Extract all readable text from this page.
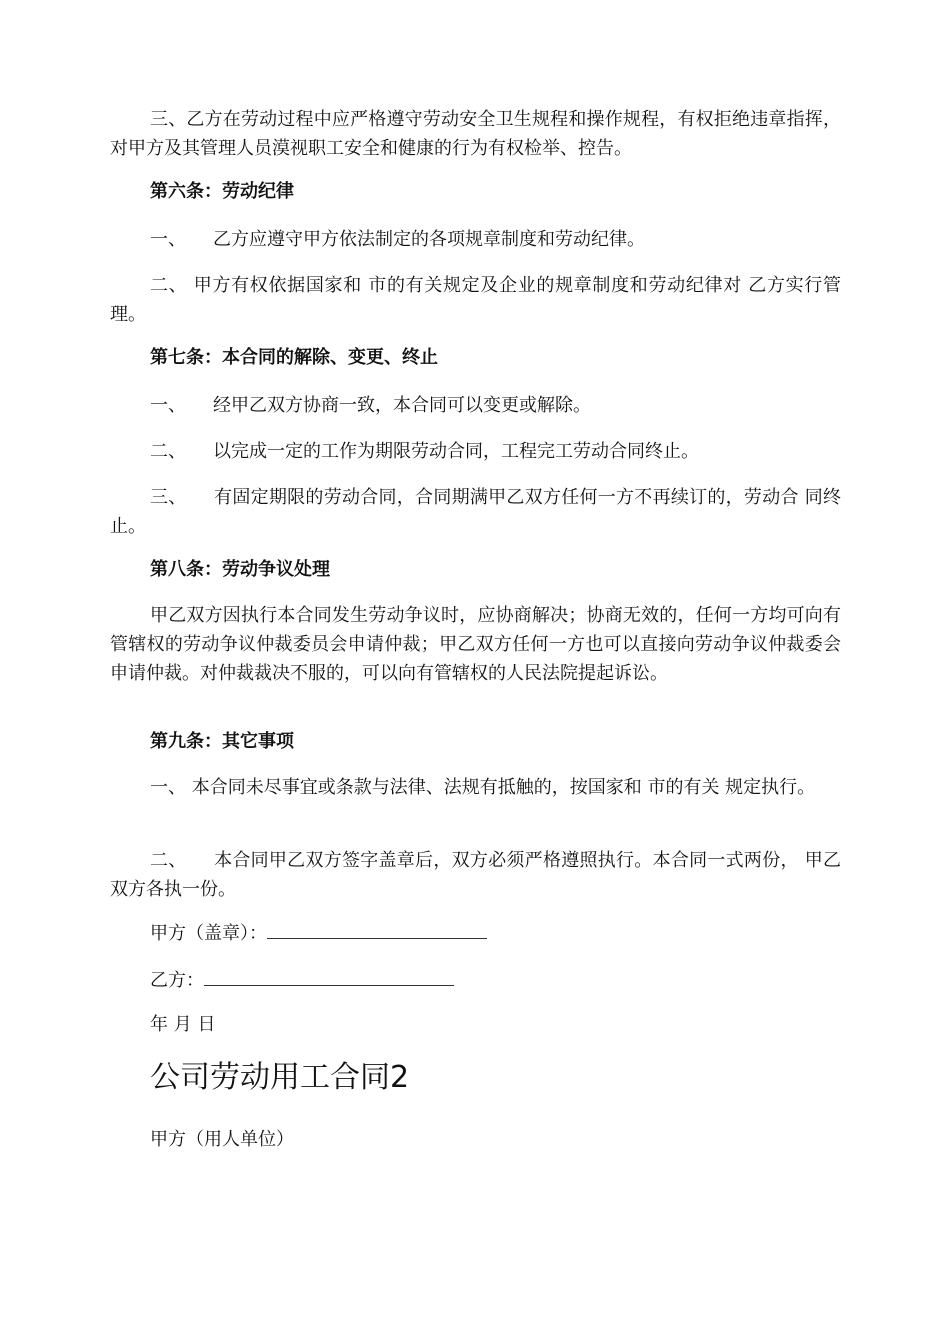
三、乙方在劳动过程中应严格遵守劳动安全卫生规程和操作规程，有权拒绝违章指挥，对甲方及其管理人员漠视职工安全和健康的行为有权检举、控告。

第六条：劳动纪律

一、　　乙方应遵守甲方依法制定的各项规章制度和劳动纪律。

二、 甲方有权依据国家和 市的有关规定及企业的规章制度和劳动纪律对 乙方实行管理。

第七条：本合同的解除、变更、终止

一、　　经甲乙双方协商一致，本合同可以变更或解除。

二、　　以完成一定的工作为期限劳动合同，工程完工劳动合同终止。

三、　　有固定期限的劳动合同，合同期满甲乙双方任何一方不再续订的，劳动合 同终止。

第八条：劳动争议处理

甲乙双方因执行本合同发生劳动争议时，应协商解决；协商无效的，任何一方均可向有管辖权的劳动争议仲裁委员会申请仲裁；甲乙双方任何一方也可以直接向劳动争议仲裁委会申请仲裁。对仲裁裁决不服的，可以向有管辖权的人民法院提起诉讼。

第九条：其它事项

一、 本合同未尽事宜或条款与法律、法规有抵触的，按国家和 市的有关 规定执行。

二、　　本合同甲乙双方签字盖章后，双方必须严格遵照执行。本合同一式两份， 甲乙双方各执一份。

甲方（盖章）：

乙方：

年 月 日

公司劳动用工合同2

甲方（用人单位）
